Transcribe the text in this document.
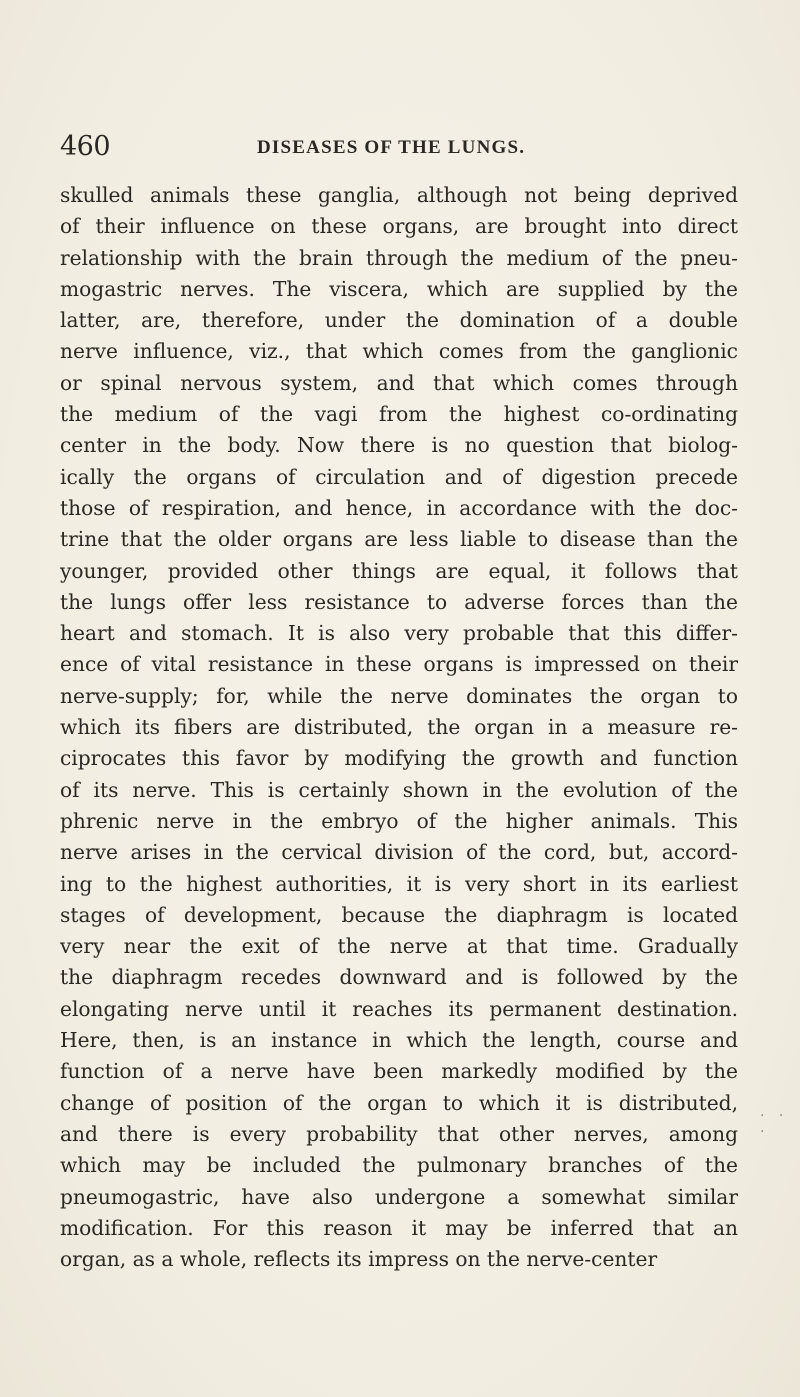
460	DISEASES OF THE LUNGS.
skulled animals these ganglia, although not being deprived
of their influence on these organs, are brought into direct
relationship with the brain through the medium of the pneu-
mogastric nerves. The viscera, which are supplied by the
latter, are, therefore, under the domination of a double
nerve influence, viz., that which comes from the ganglionic
or spinal nervous system, and that which comes through
the medium of the vagi from the highest co-ordinating
center in the body. Now there is no question that biolog-
ically the organs of circulation and of digestion precede
those of respiration, and hence, in accordance with the doc-
trine that the older organs are less liable to disease than the
younger, provided other things are equal, it follows that
the lungs offer less resistance to adverse forces than the
heart and stomach. It is also very probable that this differ-
ence of vital resistance in these organs is impressed on their
nerve-supply; for, while the nerve dominates the organ to
which its fibers are distributed, the organ in a measure re-
ciprocates this favor by modifying the growth and function
of its nerve. This is certainly shown in the evolution of the
phrenic nerve in the embryo of the higher animals. This
nerve arises in the cervical division of the cord, but, accord-
ing to the highest authorities, it is very short in its earliest
stages of development, because the diaphragm is located
very near the exit of the nerve at that time. Gradually
the diaphragm recedes downward and is followed by the
elongating nerve until it reaches its permanent destination.
Here, then, is an instance in which the length, course and
function of a nerve have been markedly modified by the
change of position of the organ to which it is distributed,
and there is every probability that other nerves, among
which may be included the pulmonary branches of the
pneumogastric, have also undergone a somewhat similar
modification. For this reason it may be inferred that an
organ, as a whole, reflects its impress on the nerve-center
. . .
